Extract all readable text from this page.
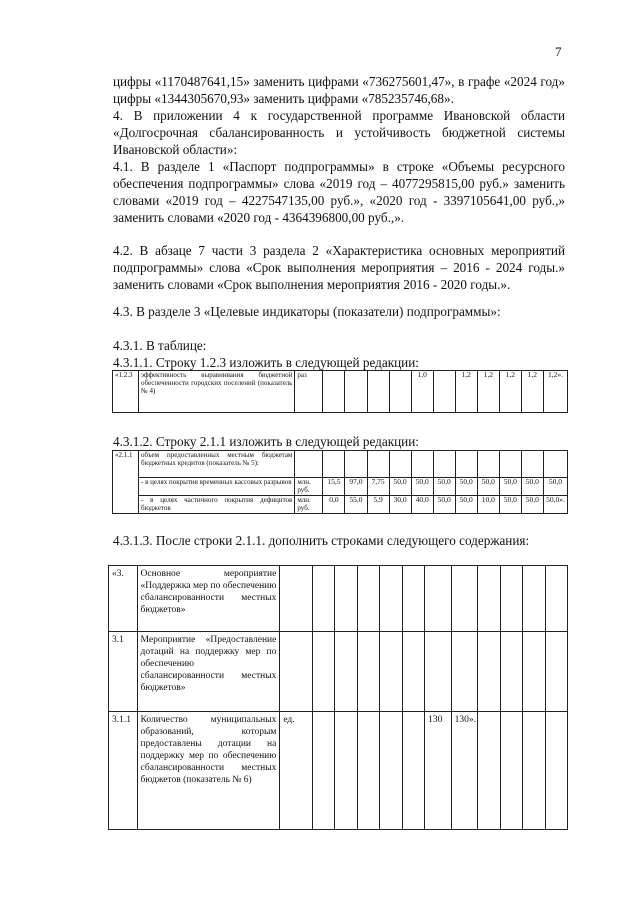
7
цифры «1170487641,15» заменить цифрами «736275601,47», в графе «2024 год» цифры «1344305670,93» заменить цифрами «785235746,68».
4. В приложении 4 к государственной программе Ивановской области «Долгосрочная сбалансированность и устойчивость бюджетной системы Ивановской области»:
4.1. В разделе 1 «Паспорт подпрограммы» в строке «Объемы ресурсного обеспечения подпрограммы» слова «2019 год – 4077295815,00 руб.» заменить словами «2019 год – 4227547135,00 руб.», «2020 год - 3397105641,00 руб.,» заменить словами «2020 год - 4364396800,00 руб.,».
4.2. В абзаце 7 части 3 раздела 2 «Характеристика основных мероприятий подпрограммы» слова «Срок выполнения мероприятия – 2016 - 2024 годы.» заменить словами «Срок выполнения мероприятия 2016 - 2020 годы.».
4.3. В разделе 3 «Целевые индикаторы (показатели) подпрограммы»:
4.3.1. В таблице:
4.3.1.1. Строку 1.2.3 изложить в следующей редакции:
«1.2.3	эффективность выравнивания бюджетной обеспеченности городских поселений (показатель № 4)	раз					1,0		1,2	1,2	1,2	1,2	1,2».
4.3.1.2. Строку 2.1.1 изложить в следующей редакции:
«2.1.1	объем предоставленных местным бюджетам бюджетных кредитов (показатель № 5):												
	- в целях покрытия временных кассовых разрывов	млн. руб.	15,5	97,0	7,75	50,0	50,0	50,0	50,0	50,0	50,0	50,0	50,0
	- в целях частичного покрытия дефицитов бюджетов	млн. руб.	0,0	55,0	5,9	30,0	40,0	50,0	50,0	10,0	50,0	50,0	50,0».
4.3.1.3. После строки 2.1.1. дополнить строками следующего содержания:
«3.	Основное мероприятие «Поддержка мер по обеспечению сбалансированности местных бюджетов»												
3.1	Мероприятие «Предоставление дотаций на поддержку мер по обеспечению сбалансированности местных бюджетов»												
3.1.1	Количество муниципальных образований, которым предоставлены дотации на поддержку мер по обеспечению сбалансированности местных бюджетов (показатель № 6)	ед.						130	130».				
